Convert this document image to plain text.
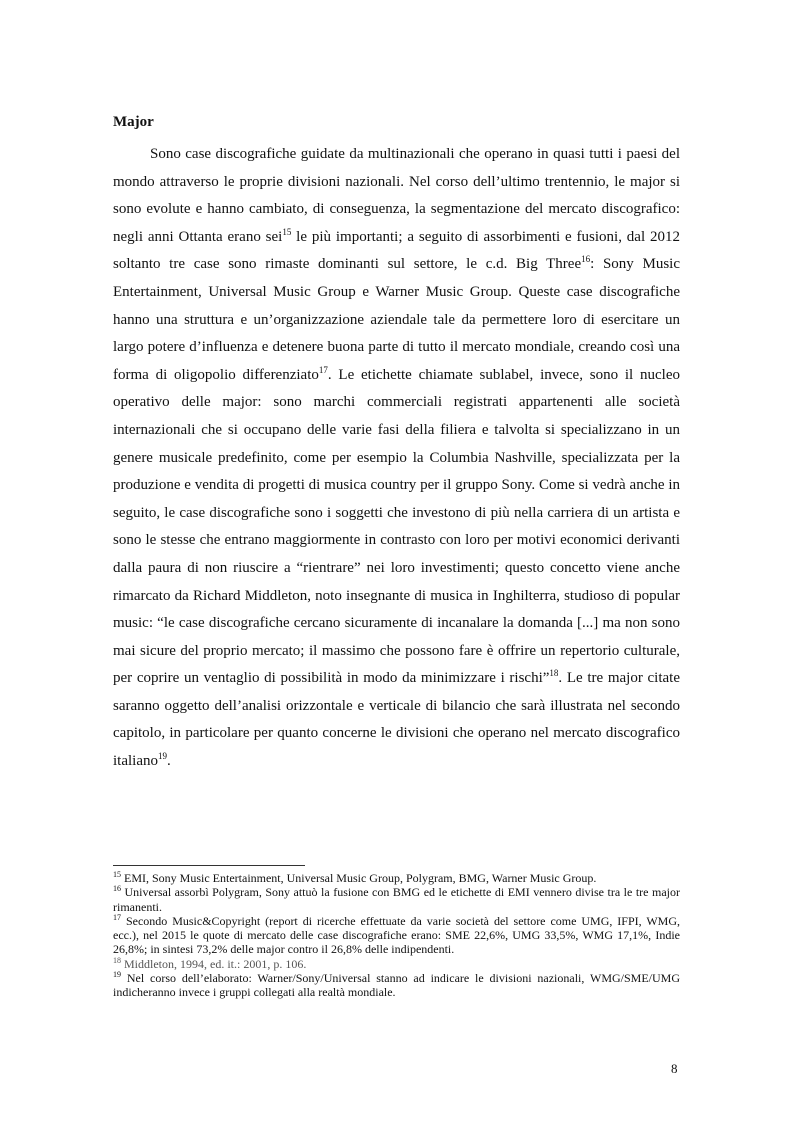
Major

Sono case discografiche guidate da multinazionali che operano in quasi tutti i paesi del mondo attraverso le proprie divisioni nazionali. Nel corso dell’ultimo trentennio, le major si sono evolute e hanno cambiato, di conseguenza, la segmentazione del mercato discografico: negli anni Ottanta erano sei$^{15}$ le più importanti; a seguito di assorbimenti e fusioni, dal 2012 soltanto tre case sono rimaste dominanti sul settore, le c.d. Big Three$^{16}$: Sony Music Entertainment, Universal Music Group e Warner Music Group. Queste case discografiche hanno una struttura e un’organizzazione aziendale tale da permettere loro di esercitare un largo potere d’influenza e detenere buona parte di tutto il mercato mondiale, creando così una forma di oligopolio differenziato$^{17}$. Le etichette chiamate sublabel, invece, sono il nucleo operativo delle major: sono marchi commerciali registrati appartenenti alle società internazionali che si occupano delle varie fasi della filiera e talvolta si specializzano in un genere musicale predefinito, come per esempio la Columbia Nashville, specializzata per la produzione e vendita di progetti di musica country per il gruppo Sony. Come si vedrà anche in seguito, le case discografiche sono i soggetti che investono di più nella carriera di un artista e sono le stesse che entrano maggiormente in contrasto con loro per motivi economici derivanti dalla paura di non riuscire a “rientrare” nei loro investimenti; questo concetto viene anche rimarcato da Richard Middleton, noto insegnante di musica in Inghilterra, studioso di popular music: “le case discografiche cercano sicuramente di incanalare la domanda [...] ma non sono mai sicure del proprio mercato; il massimo che possono fare è offrire un repertorio culturale, per coprire un ventaglio di possibilità in modo da minimizzare i rischi”$^{18}$. Le tre major citate saranno oggetto dell’analisi orizzontale e verticale di bilancio che sarà illustrata nel secondo capitolo, in particolare per quanto concerne le divisioni che operano nel mercato discografico italiano$^{19}$.

$^{15}$ EMI, Sony Music Entertainment, Universal Music Group, Polygram, BMG, Warner Music Group.

$^{16}$ Universal assorbì Polygram, Sony attuò la fusione con BMG ed le etichette di EMI vennero divise tra le tre major rimanenti.

$^{17}$ Secondo Music&Copyright (report di ricerche effettuate da varie società del settore come UMG, IFPI, WMG, ecc.), nel 2015 le quote di mercato delle case discografiche erano: SME 22,6%, UMG 33,5%, WMG 17,1%, Indie 26,8%; in sintesi 73,2% delle major contro il 26,8% delle indipendenti.

$^{18}$ Middleton, 1994, ed. it.: 2001, p. 106.

$^{19}$ Nel corso dell’elaborato: Warner/Sony/Universal stanno ad indicare le divisioni nazionali, WMG/SME/UMG indicheranno invece i gruppi collegati alla realtà mondiale.

8
